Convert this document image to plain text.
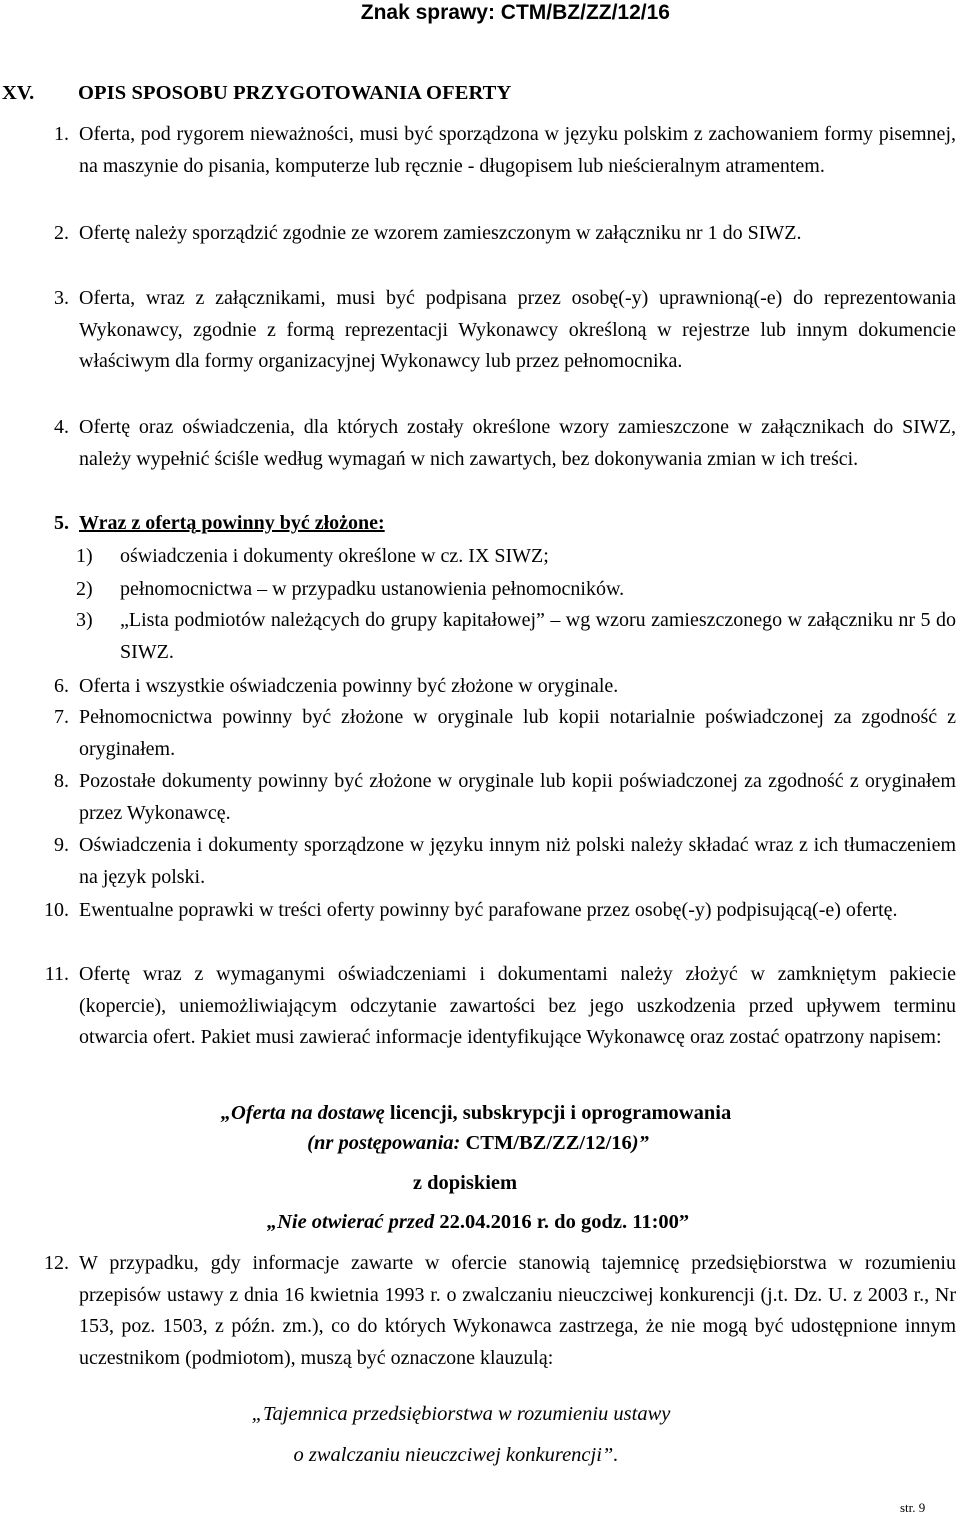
Znak sprawy: CTM/BZ/ZZ/12/16
XV. OPIS SPOSOBU PRZYGOTOWANIA OFERTY
1. Oferta, pod rygorem nieważności, musi być sporządzona w języku polskim z zachowaniem formy pisemnej, na maszynie do pisania, komputerze lub ręcznie - długopisem lub nieścieralnym atramentem.
2. Ofertę należy sporządzić zgodnie ze wzorem zamieszczonym w załączniku nr 1 do SIWZ.
3. Oferta, wraz z załącznikami, musi być podpisana przez osobę(-y) uprawnioną(-e) do reprezentowania Wykonawcy, zgodnie z formą reprezentacji Wykonawcy określoną w rejestrze lub innym dokumencie właściwym dla formy organizacyjnej Wykonawcy lub przez pełnomocnika.
4. Ofertę oraz oświadczenia, dla których zostały określone wzory zamieszczone w załącznikach do SIWZ, należy wypełnić ściśle według wymagań w nich zawartych, bez dokonywania zmian w ich treści.
5. Wraz z ofertą powinny być złożone:
1) oświadczenia i dokumenty określone w cz. IX SIWZ;
2) pełnomocnictwa – w przypadku ustanowienia pełnomocników.
3) „Lista podmiotów należących do grupy kapitałowej” – wg wzoru zamieszczonego w załączniku nr 5 do SIWZ.
6. Oferta i wszystkie oświadczenia powinny być złożone w oryginale.
7. Pełnomocnictwa powinny być złożone w oryginale lub kopii notarialnie poświadczonej za zgodność z oryginałem.
8. Pozostałe dokumenty powinny być złożone w oryginale lub kopii poświadczonej za zgodność z oryginałem przez Wykonawcę.
9. Oświadczenia i dokumenty sporządzone w języku innym niż polski należy składać wraz z ich tłumaczeniem na język polski.
10. Ewentualne poprawki w treści oferty powinny być parafowane przez osobę(-y) podpisującą(-e) ofertę.
11. Ofertę wraz z wymaganymi oświadczeniami i dokumentami należy złożyć w zamkniętym pakiecie (kopercie), uniemożliwiającym odczytanie zawartości bez jego uszkodzenia przed upływem terminu otwarcia ofert. Pakiet musi zawierać informacje identyfikujące Wykonawcę oraz zostać opatrzony napisem:
„Oferta na dostawę licencji, subskrypcji i oprogramowania
(nr postępowania: CTM/BZ/ZZ/12/16)”
z dopiskiem
„Nie otwierać przed 22.04.2016 r. do godz. 11:00”
12. W przypadku, gdy informacje zawarte w ofercie stanowią tajemnicę przedsiębiorstwa w rozumieniu przepisów ustawy z dnia 16 kwietnia 1993 r. o zwalczaniu nieuczciwej konkurencji (j.t. Dz. U. z 2003 r., Nr 153, poz. 1503, z późn. zm.), co do których Wykonawca zastrzega, że nie mogą być udostępnione innym uczestnikom (podmiotom), muszą być oznaczone klauzulą:
„Tajemnica przedsiębiorstwa w rozumieniu ustawy
o zwalczaniu nieuczciwej konkurencji”.
str. 9
